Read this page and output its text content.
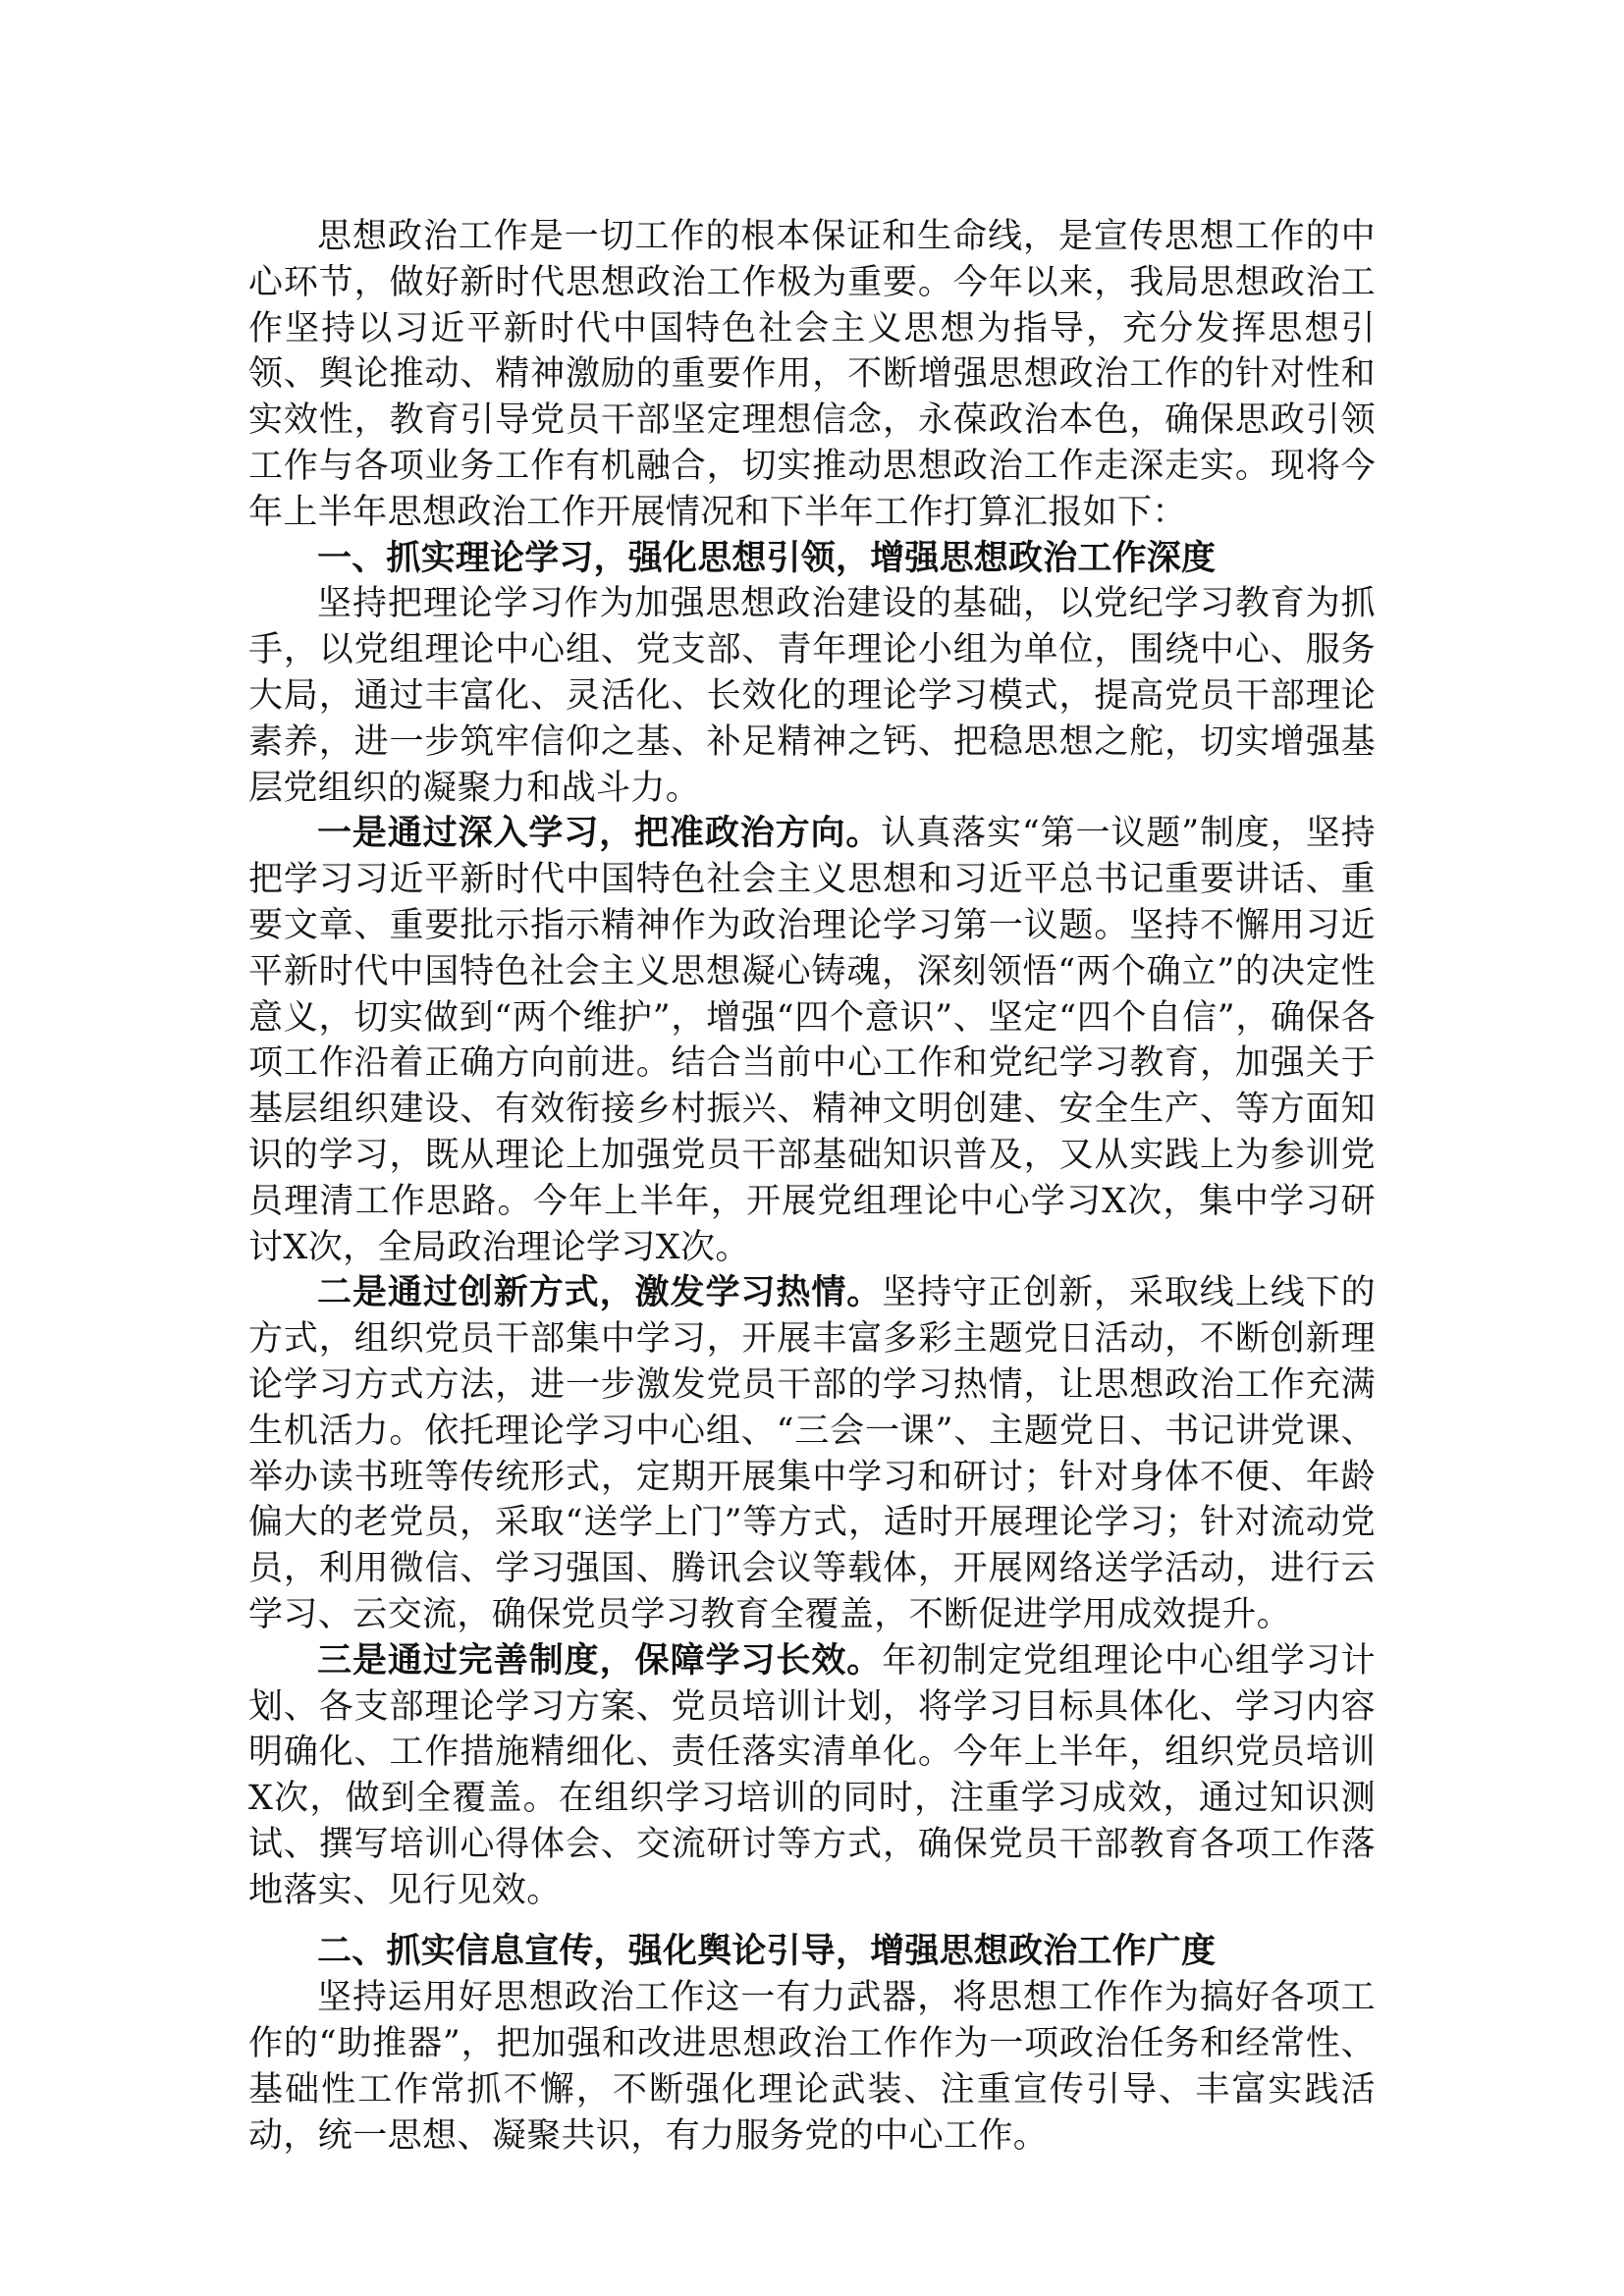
思想政治工作是一切工作的根本保证和生命线，是宣传思想工作的中心环节，做好新时代思想政治工作极为重要。今年以来，我局思想政治工作坚持以习近平新时代中国特色社会主义思想为指导，充分发挥思想引领、舆论推动、精神激励的重要作用，不断增强思想政治工作的针对性和实效性，教育引导党员干部坚定理想信念，永葆政治本色，确保思政引领工作与各项业务工作有机融合，切实推动思想政治工作走深走实。现将今年上半年思想政治工作开展情况和下半年工作打算汇报如下：

一、抓实理论学习，强化思想引领，增强思想政治工作深度

坚持把理论学习作为加强思想政治建设的基础，以党纪学习教育为抓手，以党组理论中心组、党支部、青年理论小组为单位，围绕中心、服务大局，通过丰富化、灵活化、长效化的理论学习模式，提高党员干部理论素养，进一步筑牢信仰之基、补足精神之钙、把稳思想之舵，切实增强基层党组织的凝聚力和战斗力。

一是通过深入学习，把准政治方向。认真落实“第一议题”制度，坚持把学习习近平新时代中国特色社会主义思想和习近平总书记重要讲话、重要文章、重要批示指示精神作为政治理论学习第一议题。坚持不懈用习近平新时代中国特色社会主义思想凝心铸魂，深刻领悟“两个确立”的决定性意义，切实做到“两个维护”，增强“四个意识”、坚定“四个自信”，确保各项工作沿着正确方向前进。结合当前中心工作和党纪学习教育，加强关于基层组织建设、有效衔接乡村振兴、精神文明创建、安全生产、等方面知识的学习，既从理论上加强党员干部基础知识普及，又从实践上为参训党员理清工作思路。今年上半年，开展党组理论中心学习X次，集中学习研讨X次，全局政治理论学习X次。

二是通过创新方式，激发学习热情。坚持守正创新，采取线上线下的方式，组织党员干部集中学习，开展丰富多彩主题党日活动，不断创新理论学习方式方法，进一步激发党员干部的学习热情，让思想政治工作充满生机活力。依托理论学习中心组、“三会一课”、主题党日、书记讲党课、举办读书班等传统形式，定期开展集中学习和研讨；针对身体不便、年龄偏大的老党员，采取“送学上门”等方式，适时开展理论学习；针对流动党员，利用微信、学习强国、腾讯会议等载体，开展网络送学活动，进行云学习、云交流，确保党员学习教育全覆盖，不断促进学用成效提升。

三是通过完善制度，保障学习长效。年初制定党组理论中心组学习计划、各支部理论学习方案、党员培训计划，将学习目标具体化、学习内容明确化、工作措施精细化、责任落实清单化。今年上半年，组织党员培训X次，做到全覆盖。在组织学习培训的同时，注重学习成效，通过知识测试、撰写培训心得体会、交流研讨等方式，确保党员干部教育各项工作落地落实、见行见效。

二、抓实信息宣传，强化舆论引导，增强思想政治工作广度

坚持运用好思想政治工作这一有力武器，将思想工作作为搞好各项工作的“助推器”，把加强和改进思想政治工作作为一项政治任务和经常性、基础性工作常抓不懈，不断强化理论武装、注重宣传引导、丰富实践活动，统一思想、凝聚共识，有力服务党的中心工作。
